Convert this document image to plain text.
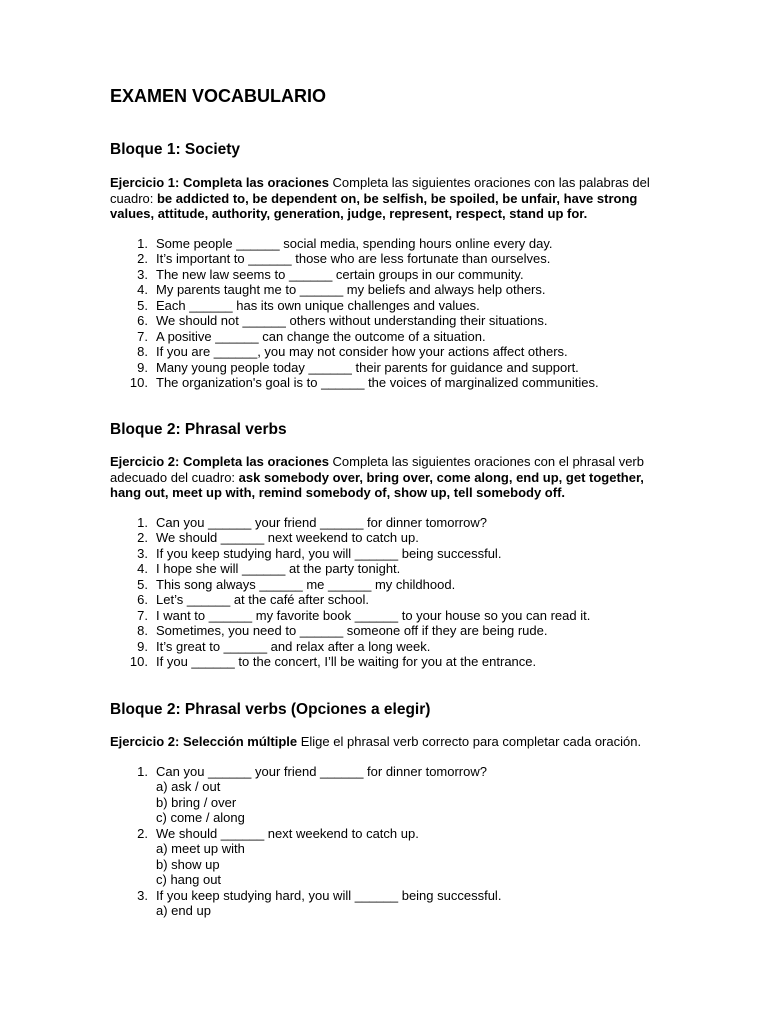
EXAMEN VOCABULARIO
Bloque 1: Society

Ejercicio 1: Completa las oraciones Completa las siguientes oraciones con las palabras del cuadro: be addicted to, be dependent on, be selfish, be spoiled, be unfair, have strong values, attitude, authority, generation, judge, represent, respect, stand up for.

1. Some people ______ social media, spending hours online every day.
2. It’s important to ______ those who are less fortunate than ourselves.
3. The new law seems to ______ certain groups in our community.
4. My parents taught me to ______ my beliefs and always help others.
5. Each ______ has its own unique challenges and values.
6. We should not ______ others without understanding their situations.
7. A positive ______ can change the outcome of a situation.
8. If you are ______, you may not consider how your actions affect others.
9. Many young people today ______ their parents for guidance and support.
10. The organization's goal is to ______ the voices of marginalized communities.
Bloque 2: Phrasal verbs

Ejercicio 2: Completa las oraciones Completa las siguientes oraciones con el phrasal verb adecuado del cuadro: ask somebody over, bring over, come along, end up, get together, hang out, meet up with, remind somebody of, show up, tell somebody off.

1. Can you ______ your friend ______ for dinner tomorrow?
2. We should ______ next weekend to catch up.
3. If you keep studying hard, you will ______ being successful.
4. I hope she will ______ at the party tonight.
5. This song always ______ me ______ my childhood.
6. Let’s ______ at the café after school.
7. I want to ______ my favorite book ______ to your house so you can read it.
8. Sometimes, you need to ______ someone off if they are being rude.
9. It’s great to ______ and relax after a long week.
10. If you ______ to the concert, I’ll be waiting for you at the entrance.
Bloque 2: Phrasal verbs (Opciones a elegir)

Ejercicio 2: Selección múltiple Elige el phrasal verb correcto para completar cada oración.

1. Can you ______ your friend ______ for dinner tomorrow?
a) ask / out
b) bring / over
c) come / along
2. We should ______ next weekend to catch up.
a) meet up with
b) show up
c) hang out
3. If you keep studying hard, you will ______ being successful.
a) end up
